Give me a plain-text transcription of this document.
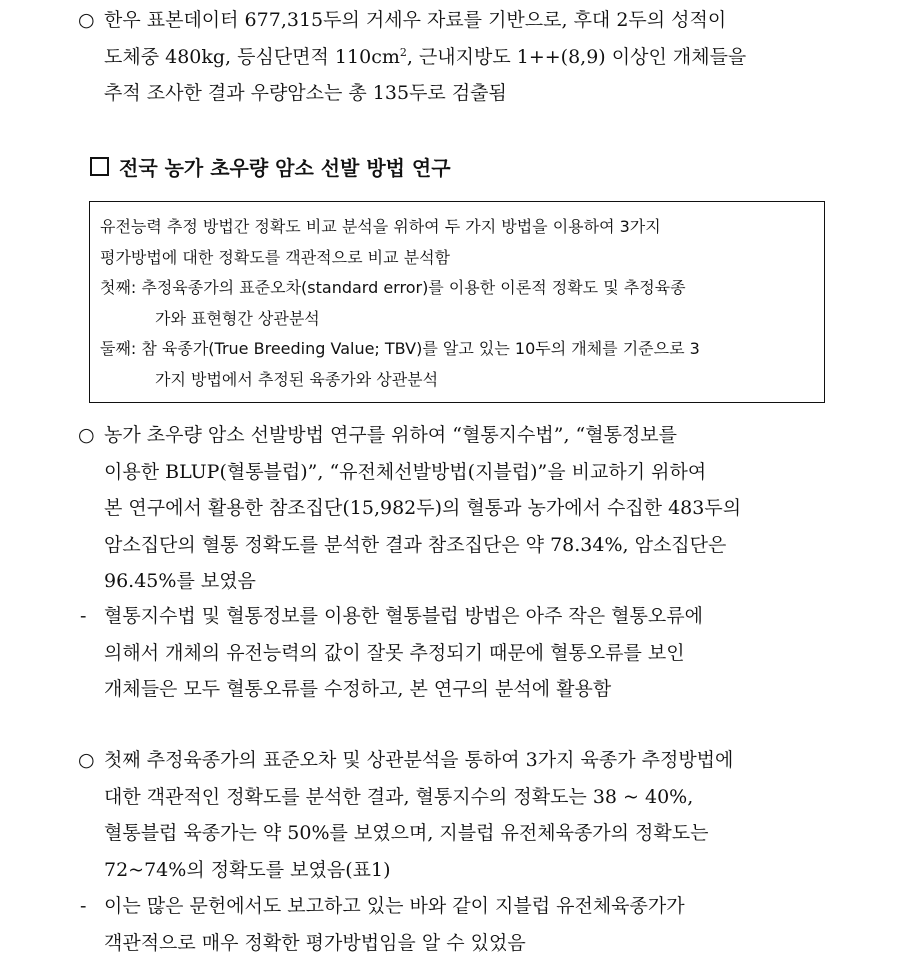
○ 한우 표본데이터 677,315두의 거세우 자료를 기반으로, 후대 2두의 성적이
도체중 480kg, 등심단면적 $110cm^2$, 근내지방도 1++(8,9) 이상인 개체들을
추적 조사한 결과 우량암소는 총 135두로 검출됨
전국 농가 초우량 암소 선발 방법 연구
유전능력 추정 방법간 정확도 비교 분석을 위하여 두 가지 방법을 이용하여 3가지
평가방법에 대한 정확도를 객관적으로 비교 분석함
첫째: 추정육종가의 표준오차(standard error)를 이용한 이론적 정확도 및 추정육종
가와 표현형간 상관분석
둘째: 참 육종가(True Breeding Value; TBV)를 알고 있는 10두의 개체를 기준으로 3
가지 방법에서 추정된 육종가와 상관분석
○ 농가 초우량 암소 선발방법 연구를 위하여 “혈통지수법”, “혈통정보를
이용한 BLUP(혈통블럽)”, “유전체선발방법(지블럽)”을 비교하기 위하여
본 연구에서 활용한 참조집단(15,982두)의 혈통과 농가에서 수집한 483두의
암소집단의 혈통 정확도를 분석한 결과 참조집단은 약 78.34%, 암소집단은
96.45%를 보였음
- 혈통지수법 및 혈통정보를 이용한 혈통블럽 방법은 아주 작은 혈통오류에
의해서 개체의 유전능력의 값이 잘못 추정되기 때문에 혈통오류를 보인
개체들은 모두 혈통오류를 수정하고, 본 연구의 분석에 활용함
○ 첫째 추정육종가의 표준오차 및 상관분석을 통하여 3가지 육종가 추정방법에
대한 객관적인 정확도를 분석한 결과, 혈통지수의 정확도는 38 ~ 40%,
혈통블럽 육종가는 약 50%를 보였으며, 지블럽 유전체육종가의 정확도는
72~74%의 정확도를 보였음(표1)
- 이는 많은 문헌에서도 보고하고 있는 바와 같이 지블럽 유전체육종가가
객관적으로 매우 정확한 평가방법임을 알 수 있었음
